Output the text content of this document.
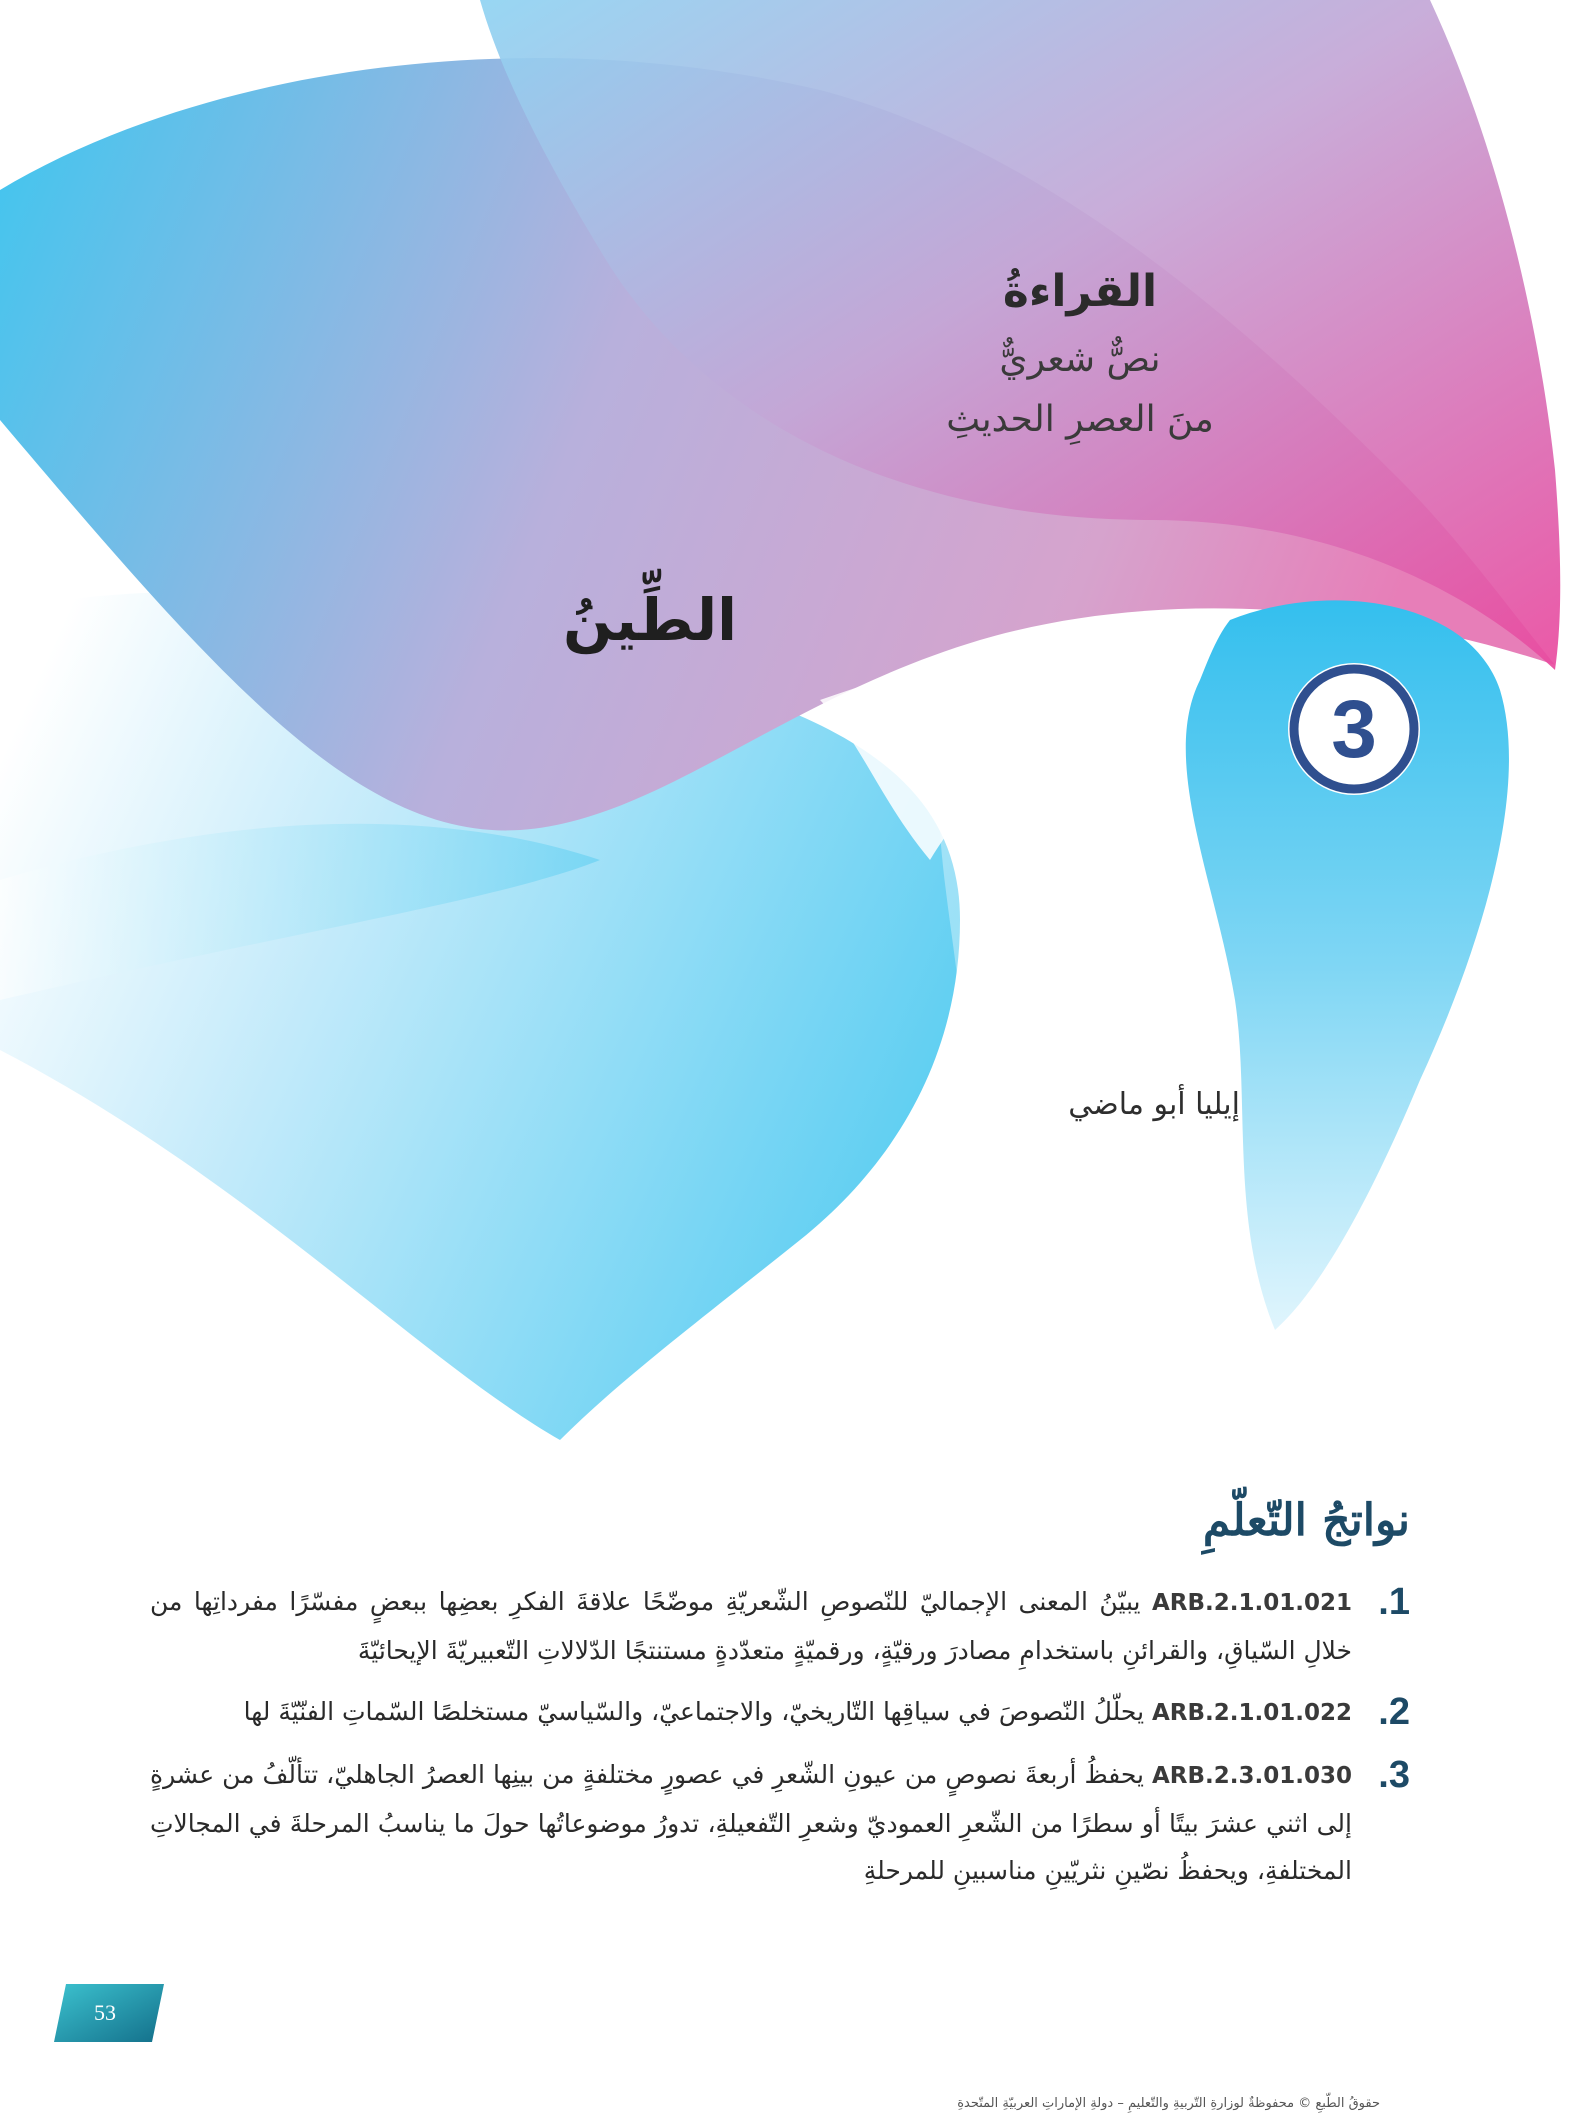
القراءةُ
نصٌّ شعريٌّ
منَ العصرِ الحديثِ
الطِّينُ
3
إيليا أبو ماضي
نواتجُ التّعلّمِ
1.
ARB.2.1.01.021 يبيّنُ المعنى الإجماليّ للنّصوصِ الشّعريّةِ موضّحًا علاقةَ الفكرِ بعضِها ببعضٍ مفسّرًا مفرداتِها من خلالِ السّياقِ، والقرائنِ باستخدامِ مصادرَ ورقيّةٍ، ورقميّةٍ متعدّدةٍ مستنتجًا الدّلالاتِ التّعبيريّةَ الإيحائيّةَ
2.
ARB.2.1.01.022 يحلّلُ النّصوصَ في سياقِها التّاريخيّ، والاجتماعيّ، والسّياسيّ مستخلصًا السّماتِ الفنّيّةَ لها
3.
ARB.2.3.01.030 يحفظُ أربعةَ نصوصٍ من عيونِ الشّعرِ في عصورٍ مختلفةٍ من بينِها العصرُ الجاهليّ، تتألّفُ من عشرةٍ إلى اثني عشرَ بيتًا أو سطرًا من الشّعرِ العموديّ وشعرِ التّفعيلةِ، تدورُ موضوعاتُها حولَ ما يناسبُ المرحلةَ في المجالاتِ المختلفةِ، ويحفظُ نصّينِ نثريّينِ مناسبينِ للمرحلةِ
53
حقوقُ الطّبعِ © محفوظةٌ لوزارةِ التّربيةِ والتّعليمِ – دولةِ الإماراتِ العربيّةِ المتّحدةِ
